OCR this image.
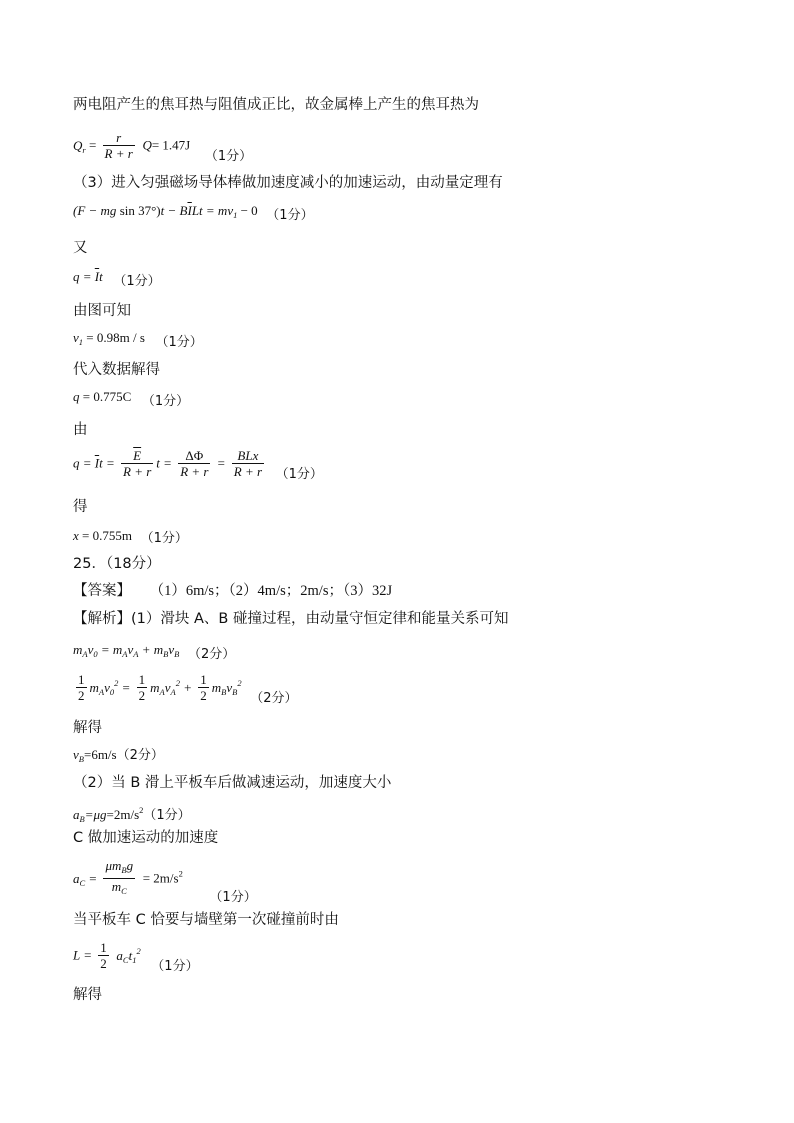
两电阻产生的焦耳热与阻值成正比，故金属棒上产生的焦耳热为
$Q_r = \frac{r}{R + r} Q= 1.47J$ （1分）
（3）进入匀强磁场导体棒做加速度减小的加速运动，由动量定理有
(F − mg $\sin 37^\circ)t - B\overline{I}Lt = mv_1 - 0$ （1分）
又
$q = \overline{I}t$ （1分）
由图可知
$v_1 = 0.98m / s$ （1分）
代入数据解得
q = 0.775C （1分）
由
$q = \overline{I}t = \frac{\overline{E}}{R + r}$ $t = \frac{\Delta\Phi}{R + r} = \frac{\text{BLx}}{R + r} (1$分）
得
x = 0.755m （1分）
25．（18分）
【答案】 （1）6m/s；（2）4m/s；2m/s；（3）32J
【解析】(1）滑块 A、B 碰撞过程，由动量守恒定律和能量关系可知
$m_Av_0 = m_Av_A + m_Bv_B$ （2分）
$\frac{1}{2} m_Av_0^2 = \frac{1}{2} m_Av_A^2 + \frac{1}{2} m_Bv_B^2$ （2分）
解得
$v_B=6m/s(2$分）
（2）当 B 滑上平板车后做减速运动，加速度大小
$a_B=\mu g=2m/s^2(1$分）
C 做加速运动的加速度
$a_C = \frac{\mu m_Bg}{m_C} = 2m/s^2$ （1分）
当平板车 C 恰要与墙壁第一次碰撞前时由
$L = \frac{1}{2} a_Ct_1^2$ （1分）
解得
